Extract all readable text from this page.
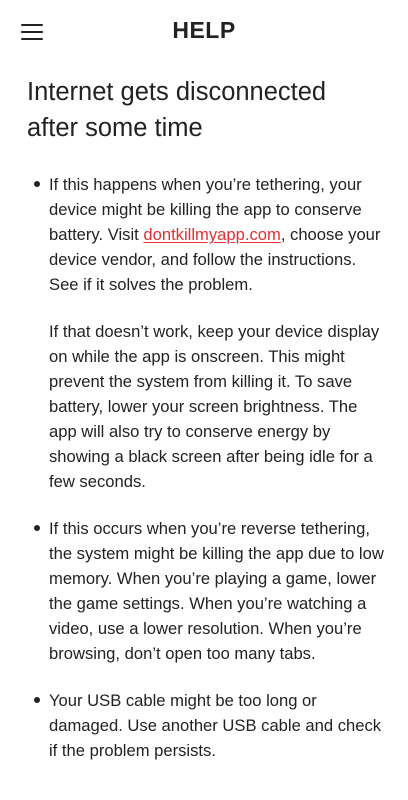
HELP
Internet gets disconnected after some time

If this happens when you’re tethering, your device might be killing the app to conserve battery. Visit dontkillmyapp.com, choose your device vendor, and follow the instructions. See if it solves the problem.

If that doesn’t work, keep your device display on while the app is onscreen. This might prevent the system from killing it. To save battery, lower your screen brightness. The app will also try to conserve energy by showing a black screen after being idle for a few seconds.

If this occurs when you’re reverse tethering, the system might be killing the app due to low memory. When you’re playing a game, lower the game settings. When you’re watching a video, use a lower resolution. When you’re browsing, don’t open too many tabs.

Your USB cable might be too long or damaged. Use another USB cable and check if the problem persists.
